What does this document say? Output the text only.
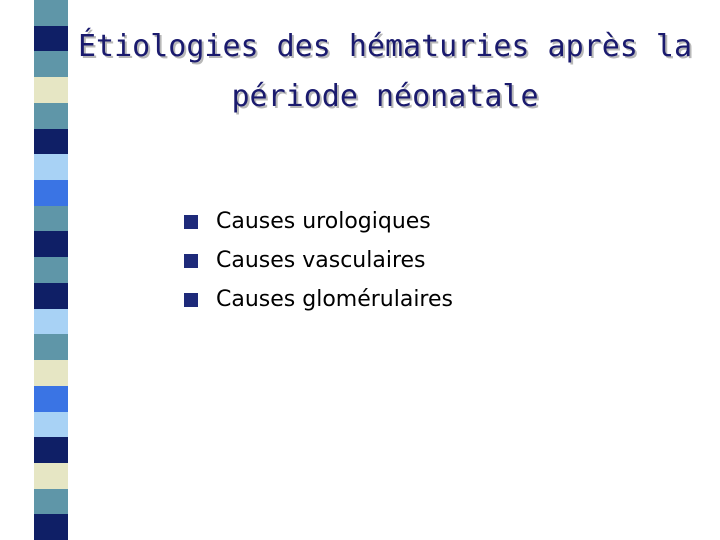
Étiologies des hématuries après la
période néonatale
Causes urologiques
Causes vasculaires
Causes glomérulaires
